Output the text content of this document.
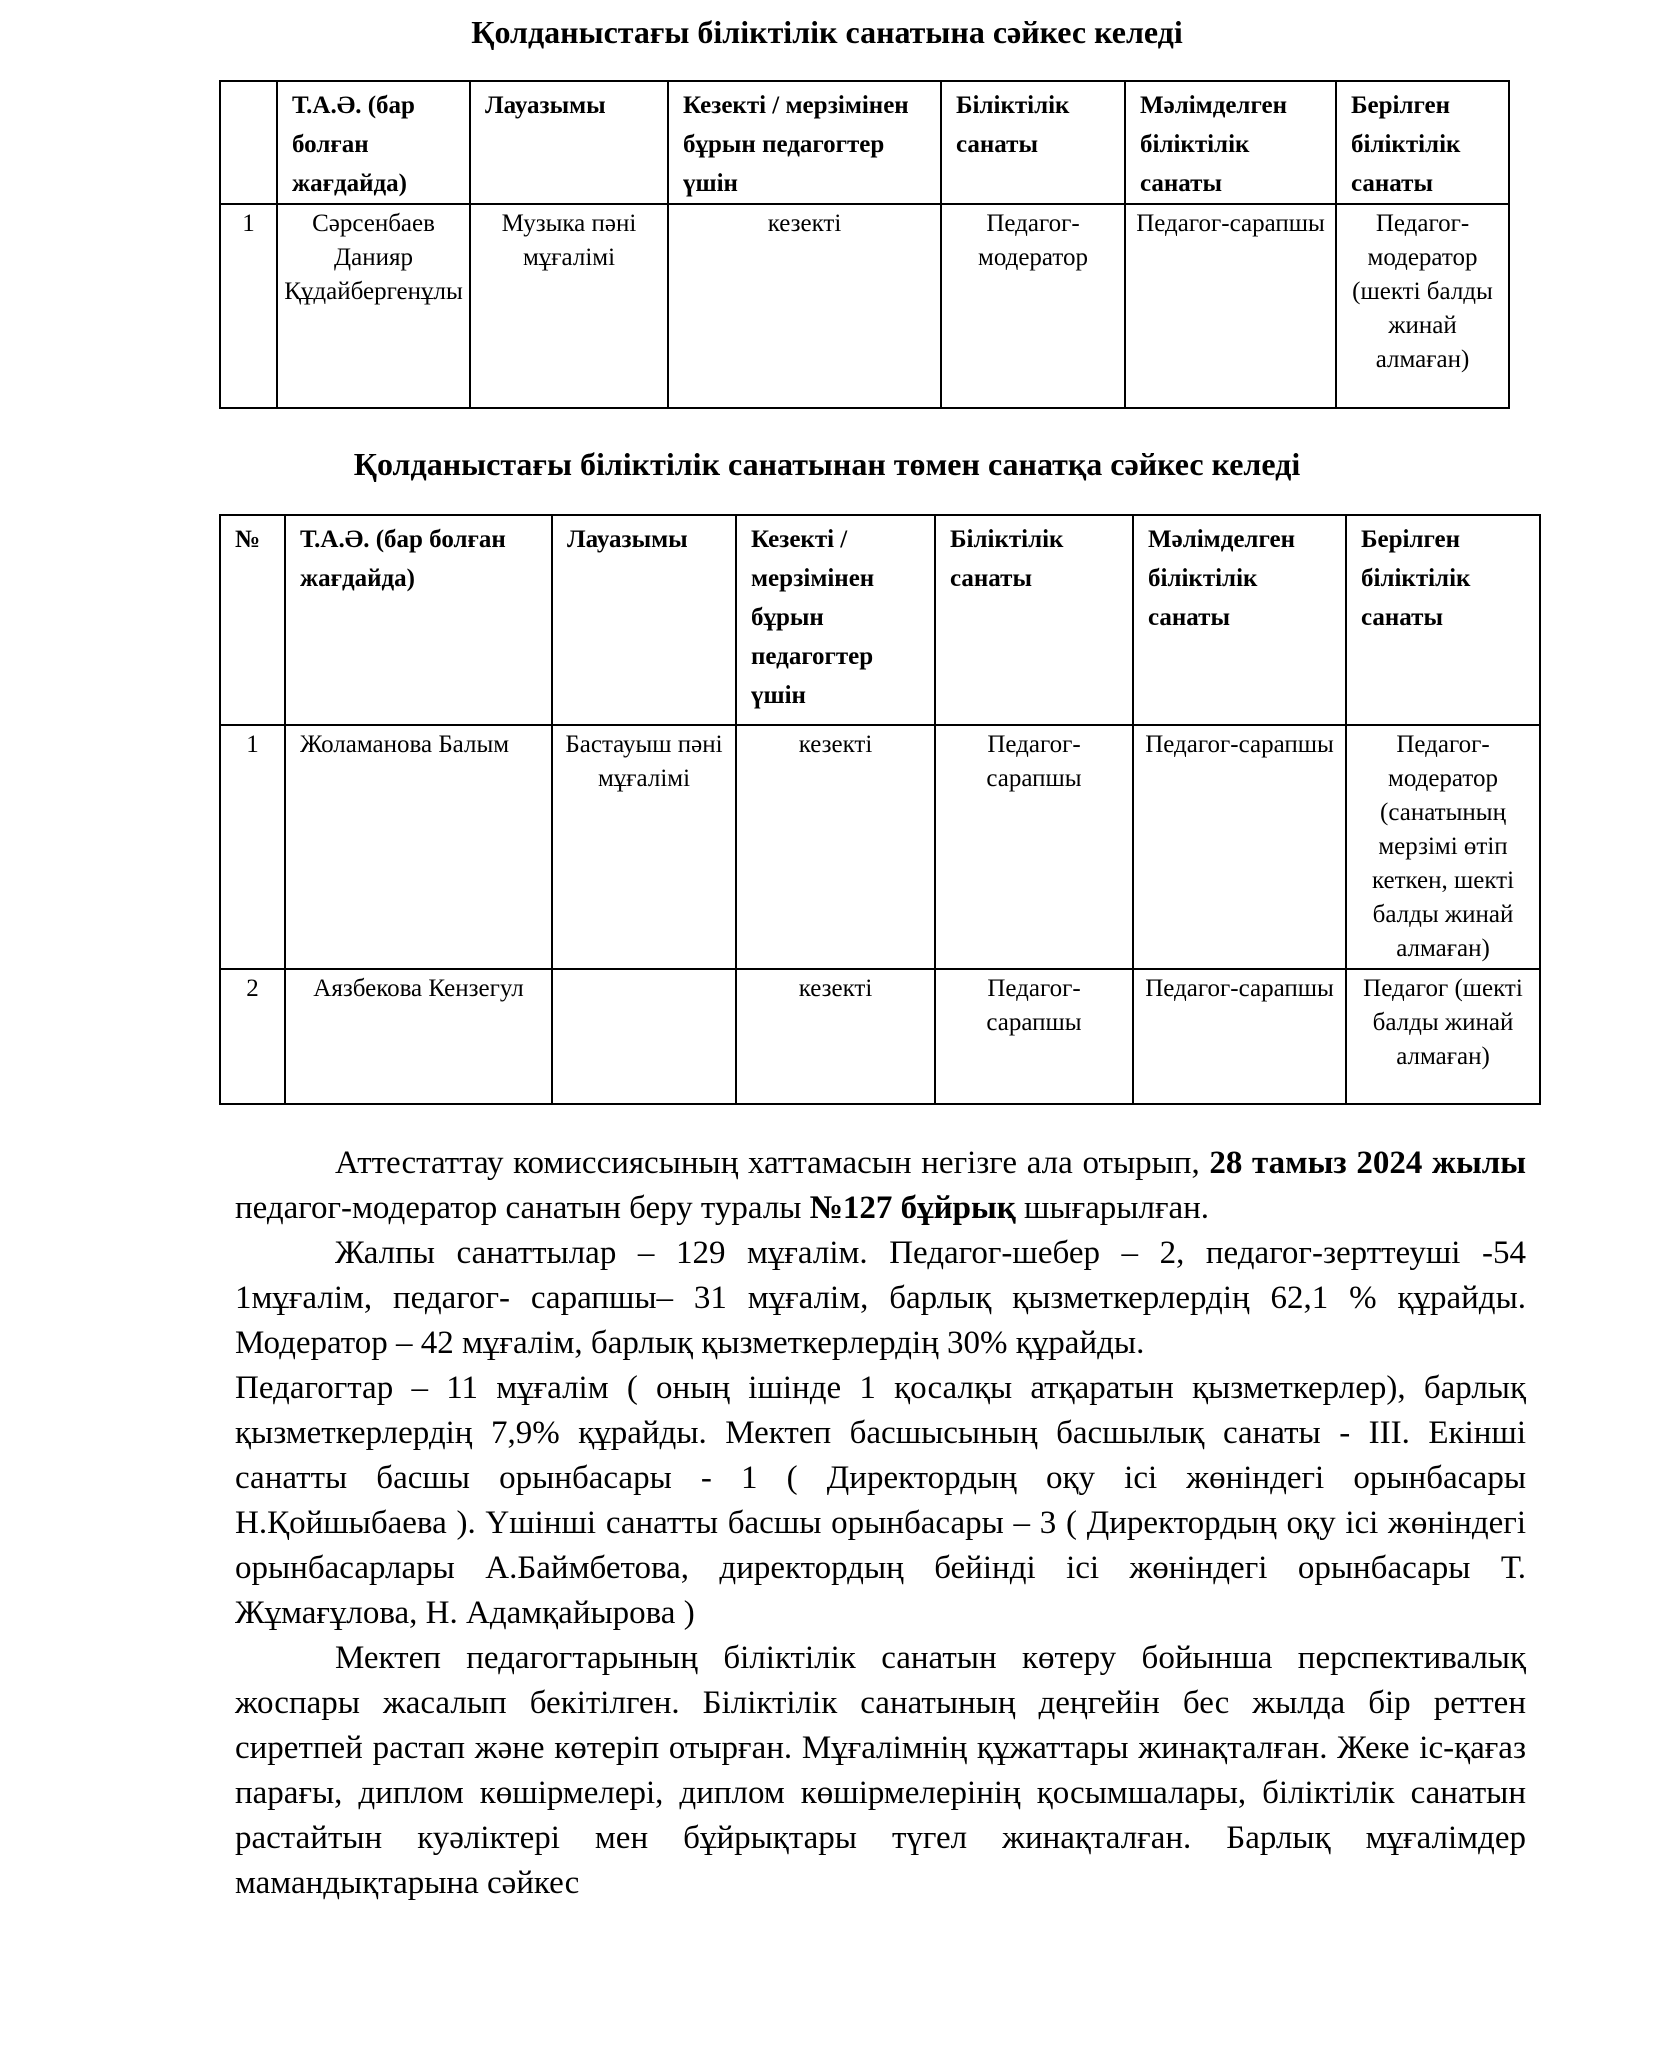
Қолданыстағы біліктілік санатына сәйкес келеді
	Т.А.Ә. (бар болған жағдайда)	Лауазымы	Кезекті / мерзімінен бұрын педагогтер үшін	Біліктілік санаты	Мәлімделген біліктілік санаты	Берілген біліктілік санаты
1	Сәрсенбаев Данияр Құдайбергенұлы	Музыка пәні мұғалімі	кезекті	Педагог-модератор	Педагог-сарапшы	Педагог-модератор (шекті балды жинай алмаған)
Қолданыстағы біліктілік санатынан төмен санатқа сәйкес келеді
№	Т.А.Ә. (бар болған жағдайда)	Лауазымы	Кезекті / мерзімінен бұрын педагогтер үшін	Біліктілік санаты	Мәлімделген біліктілік санаты	Берілген біліктілік санаты
1	Жоламанова Балым	Бастауыш пәні мұғалімі	кезекті	Педагог-сарапшы	Педагог-сарапшы	Педагог-модератор (санатының мерзімі өтіп кеткен, шекті балды жинай алмаған)
2	Аязбекова Кензегул		кезекті	Педагог-сарапшы	Педагог-сарапшы	Педагог (шекті балды жинай алмаған)

Аттестаттау комиссиясының хаттамасын негізге ала отырып, 28 тамыз 2024 жылы педагог-модератор санатын беру туралы №127 бұйрық шығарылған.

Жалпы санаттылар – 129 мұғалім. Педагог-шебер – 2, педагог-зерттеуші -54 1мұғалім, педагог- сарапшы– 31 мұғалім, барлық қызметкерлердің 62,1 % құрайды. Модератор – 42 мұғалім, барлық қызметкерлердің 30% құрайды.

Педагогтар – 11 мұғалім ( оның ішінде 1 қосалқы атқаратын қызметкерлер), барлық қызметкерлердің 7,9% құрайды. Мектеп басшысының басшылық санаты - ІІІ. Екінші санатты басшы орынбасары - 1 ( Директордың оқу ісі жөніндегі орынбасары Н.Қойшыбаева ). Үшінші санатты басшы орынбасары – 3 ( Директордың оқу ісі жөніндегі орынбасарлары А.Баймбетова, директордың бейінді ісі жөніндегі орынбасары Т. Жұмағұлова, Н. Адамқайырова )

Мектеп педагогтарының біліктілік санатын көтеру бойынша перспективалық жоспары жасалып бекітілген. Біліктілік санатының деңгейін бес жылда бір реттен сиретпей растап және көтеріп отырған. Мұғалімнің құжаттары жинақталған. Жеке іс-қағаз парағы, диплом көшірмелері, диплом көшірмелерінің қосымшалары, біліктілік санатын растайтын куәліктері мен бұйрықтары түгел жинақталған. Барлық мұғалімдер мамандықтарына сәйкес
